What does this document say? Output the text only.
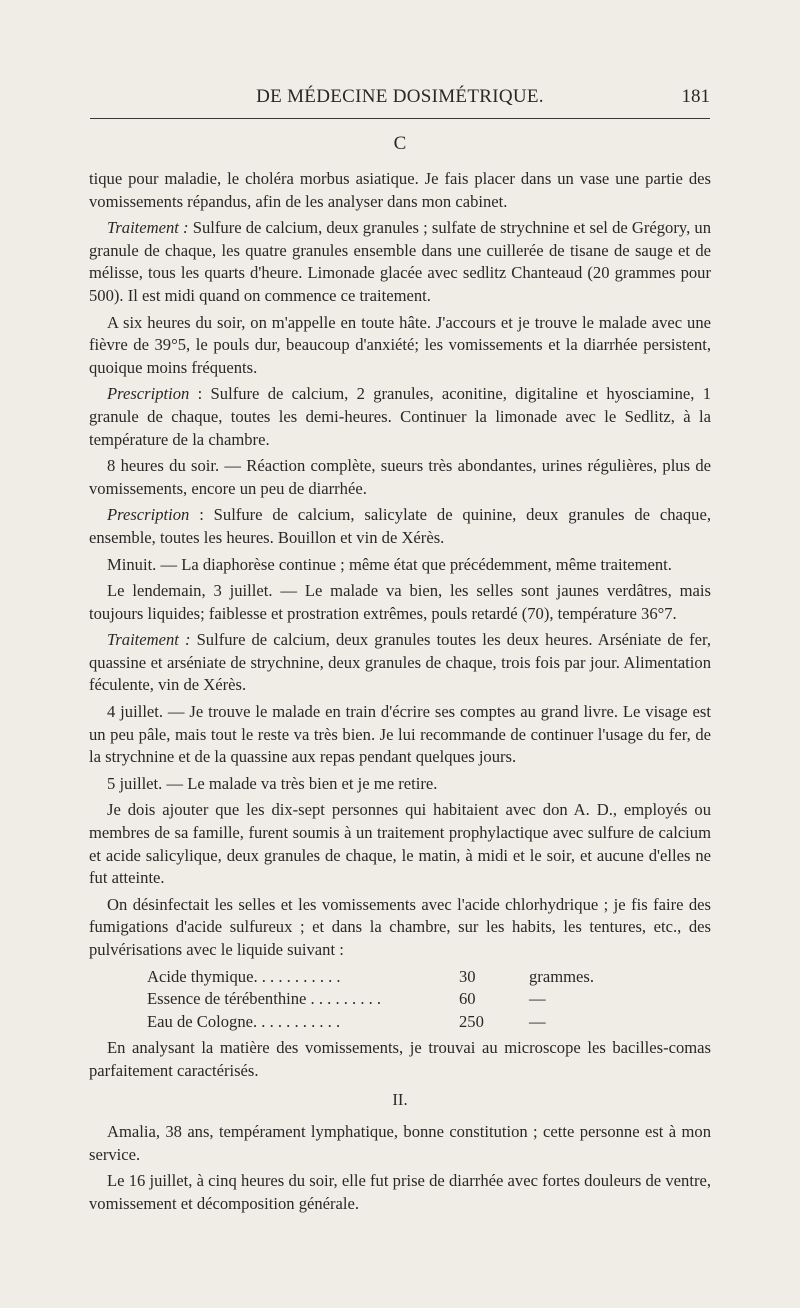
DE MÉDECINE DOSIMÉTRIQUE.	181
C

tique pour maladie, le choléra morbus asiatique. Je fais placer dans un vase une partie des vomissements répandus, afin de les analyser dans mon cabinet.

Traitement : Sulfure de calcium, deux granules ; sulfate de strychnine et sel de Grégory, un granule de chaque, les quatre granules ensemble dans une cuillerée de tisane de sauge et de mélisse, tous les quarts d'heure. Limonade glacée avec sedlitz Chanteaud (20 grammes pour 500). Il est midi quand on commence ce traitement.

A six heures du soir, on m'appelle en toute hâte. J'accours et je trouve le malade avec une fièvre de 39°5, le pouls dur, beaucoup d'anxiété; les vomissements et la diarrhée persistent, quoique moins fréquents.

Prescription : Sulfure de calcium, 2 granules, aconitine, digitaline et hyosciamine, 1 granule de chaque, toutes les demi-heures. Continuer la limonade avec le Sedlitz, à la température de la chambre.

8 heures du soir. — Réaction complète, sueurs très abondantes, urines régulières, plus de vomissements, encore un peu de diarrhée.

Prescription : Sulfure de calcium, salicylate de quinine, deux granules de chaque, ensemble, toutes les heures. Bouillon et vin de Xérès.

Minuit. — La diaphorèse continue ; même état que précédemment, même traitement.

Le lendemain, 3 juillet. — Le malade va bien, les selles sont jaunes verdâtres, mais toujours liquides; faiblesse et prostration extrêmes, pouls retardé (70), température 36°7.

Traitement : Sulfure de calcium, deux granules toutes les deux heures. Arséniate de fer, quassine et arséniate de strychnine, deux granules de chaque, trois fois par jour. Alimentation féculente, vin de Xérès.

4 juillet. — Je trouve le malade en train d'écrire ses comptes au grand livre. Le visage est un peu pâle, mais tout le reste va très bien. Je lui recommande de continuer l'usage du fer, de la strychnine et de la quassine aux repas pendant quelques jours.

5 juillet. — Le malade va très bien et je me retire.

Je dois ajouter que les dix-sept personnes qui habitaient avec don A. D., employés ou membres de sa famille, furent soumis à un traitement prophylactique avec sulfure de calcium et acide salicylique, deux granules de chaque, le matin, à midi et le soir, et aucune d'elles ne fut atteinte.

On désinfectait les selles et les vomissements avec l'acide chlorhydrique ; je fis faire des fumigations d'acide sulfureux ; et dans la chambre, sur les habits, les tentures, etc., des pulvérisations avec le liquide suivant :

Acide thymique. . . . . . . . . . .	30	grammes.
Essence de térébenthine . . . . . . . . .	60	—
Eau de Cologne. . . . . . . . . . .	250	—

En analysant la matière des vomissements, je trouvai au microscope les bacilles-comas parfaitement caractérisés.

II.

Amalia, 38 ans, tempérament lymphatique, bonne constitution ; cette personne est à mon service.

Le 16 juillet, à cinq heures du soir, elle fut prise de diarrhée avec fortes douleurs de ventre, vomissement et décomposition générale.
